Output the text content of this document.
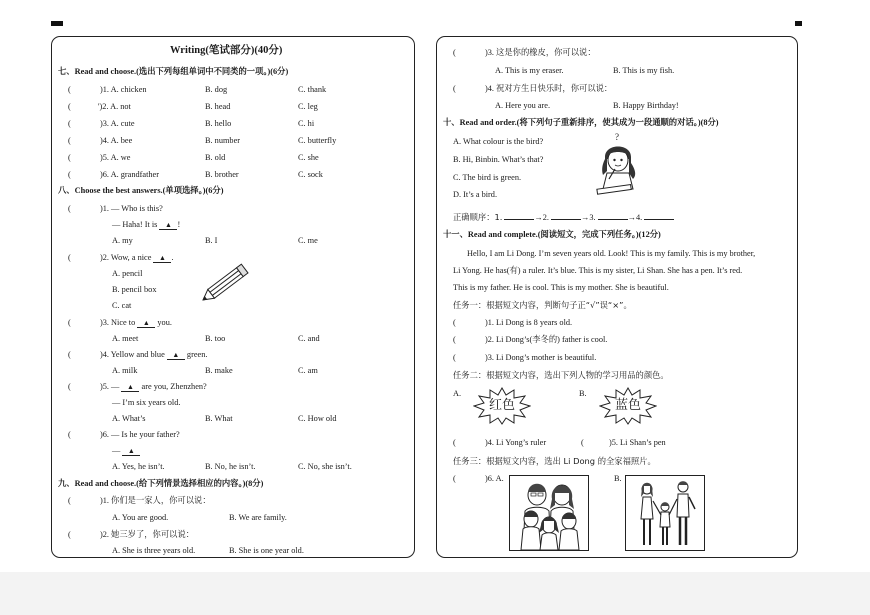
Writing(笔试部分)(40分)
七、Read and choose.(选出下列每组单词中不同类的一项。)(6分)
(	)1. A. chicken	B. dog	C. thank
(	')2. A. not	B. head	C. leg
(	)3. A. cute	B. hello	C. hi
(	)4. A. bee	B. number	C. butterfly
(	)5. A. we	B. old	C. she
(	)6. A. grandfather	B. brother	C. sock
八、Choose the best answers.(单项选择。)(6分)
(	)1. — Who is this?
— Haha! It is ▲ !
A. my	B. I	C. me
(	)2. Wow, a nice ▲ .
A. pencil
B. pencil box
C. cat
(	)3. Nice to ▲ you.
A. meet	B. too	C. and
(	)4. Yellow and blue ▲ green.
A. milk	B. make	C. am
(	)5. — ▲ are you, Zhenzhen?
— I’m six years old.
A. What’s	B. What	C. How old
(	)6. — Is he your father?
— ▲
A. Yes, he isn’t.	B. No, he isn’t.	C. No, she isn’t.
九、Read and choose.(给下列情景选择相应的内容。)(8分)
(	)1. 你们是一家人，你可以说：
A. You are good.	B. We are family.
(	)2. 她三岁了，你可以说：
A. She is three years old.	B. She is one year old.
(	)3. 这是你的橡皮，你可以说：
A. This is my eraser.	B. This is my fish.
(	)4. 祝对方生日快乐时，你可以说：
A. Here you are.	B. Happy Birthday!
十、Read and order.(将下列句子重新排序，使其成为一段通顺的对话。)(8分)
A. What colour is the bird?
B. Hi, Binbin. What’s that?
C. The bird is green.
D. It’s a bird.
?
正确顺序：1.	→2.	→3.	→4.
十一、Read and complete.(阅读短文，完成下列任务。)(12分)
Hello, I am Li Dong. I’m seven years old. Look! This is my family. This is my brother,
Li Yong. He has(有) a ruler. It’s blue. This is my sister, Li Shan. She has a pen. It’s red.
This is my father. He is cool. This is my mother. She is beautiful.
任务一：根据短文内容，判断句子正“√”误“×”。
(	)1. Li Dong is 8 years old.
(	)2. Li Dong’s(李冬的) father is cool.
(	)3. Li Dong’s mother is beautiful.
任务二：根据短文内容，选出下列人物的学习用品的颜色。
A.	B.
红色	蓝色
(	)4. Li Yong’s ruler	(	)5. Li Shan’s pen
任务三：根据短文内容，选出 Li Dong 的全家福照片。
(	)6. A.	B.
